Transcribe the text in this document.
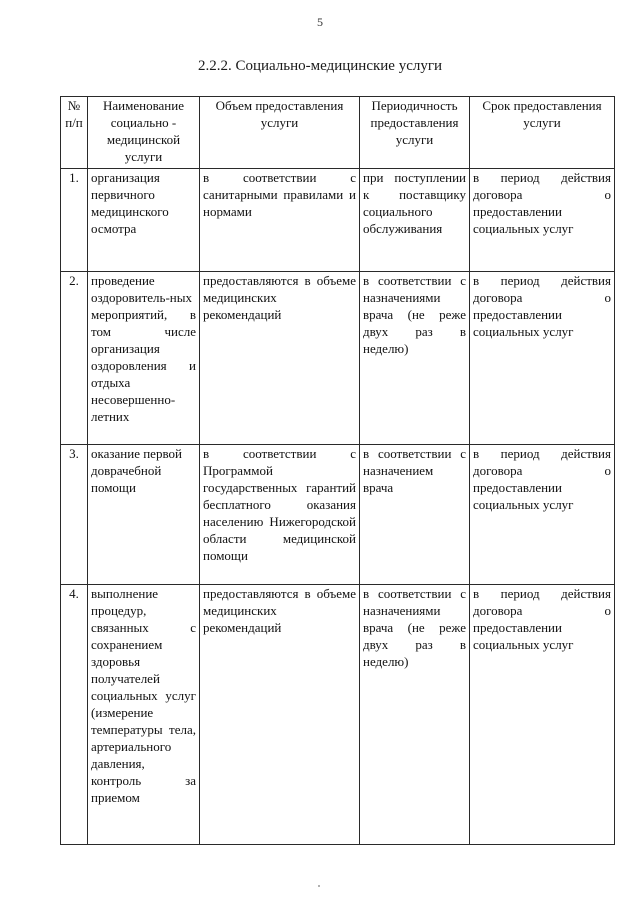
5
2.2.2. Социально-медицинские услуги
№ п/п	Наименование социально - медицинской услуги	Объем предоставления услуги	Периодичность предоставления услуги	Срок предоставления услуги
1.	организация первичного медицинского осмотра	в соответствии с санитарными правилами и нормами	при поступлении к поставщику социального обслуживания	в период действия договора о предоставлении социальных услуг
2.	проведение оздоровитель-ных мероприятий, в том числе организация оздоровления и отдыха несовершенно-летних	предоставляются в объеме медицинских рекомендаций	в соответствии с назначениями врача (не реже двух раз в неделю)	в период действия договора о предоставлении социальных услуг
3.	оказание первой доврачебной помощи	в соответствии с Программой государственных гарантий бесплатного оказания населению Нижегородской области медицинской помощи	в соответствии с назначением врача	в период действия договора о предоставлении социальных услуг
4.	выполнение процедур, связанных с сохранением здоровья получателей социальных услуг (измерение температуры тела, артериального давления, контроль за приемом	предоставляются в объеме медицинских рекомендаций	в соответствии с назначениями врача (не реже двух раз в неделю)	в период действия договора о предоставлении социальных услуг
